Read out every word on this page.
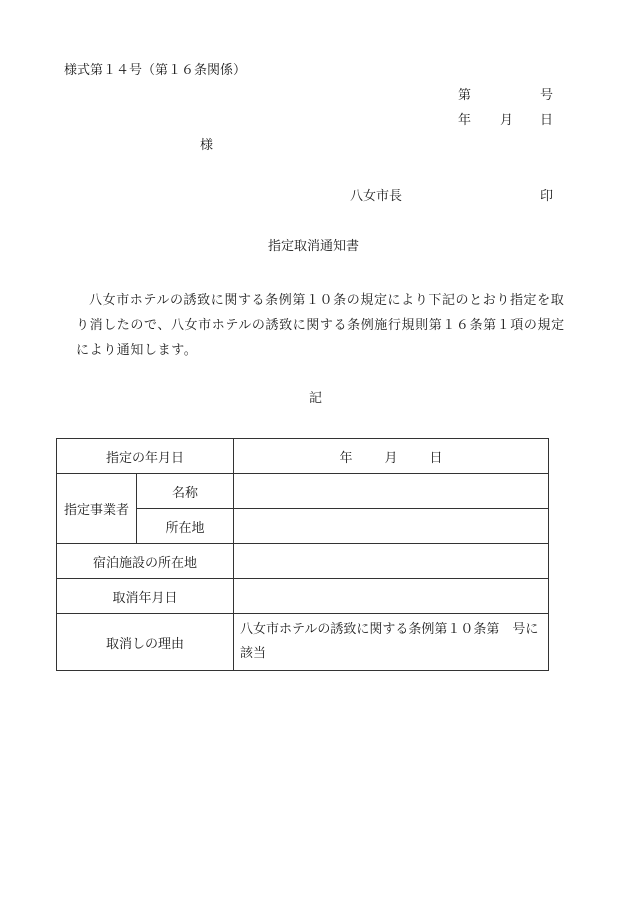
様式第１４号（第１６条関係）
第	号
年 月 日
様
八女市長	印
指定取消通知書

八女市ホテルの誘致に関する条例第１０条の規定により下記のとおり指定を取り消したので、八女市ホテルの誘致に関する条例施行規則第１６条第１項の規定により通知します。

記
指定の年月日		年 月 日
指定事業者	名称	
	所在地	
宿泊施設の所在地		
取消年月日		
取消しの理由		八女市ホテルの誘致に関する条例第１０条第　号に該当
